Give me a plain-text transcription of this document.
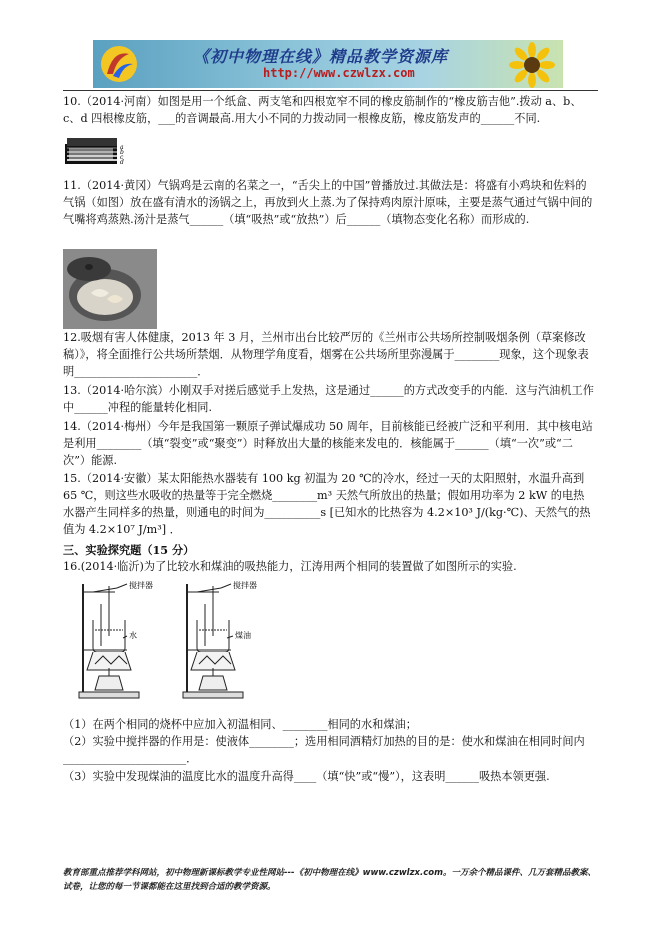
《初中物理在线》精品教学资源库
http://www.czwlzx.com

10.（2014·河南）如图是用一个纸盒、两支笔和四根宽窄不同的橡皮筋制作的“橡皮筋吉他”.拨动 a、b、c、d 四根橡皮筋，___的音调最高.用大小不同的力拨动同一根橡皮筋，橡皮筋发声的______不同.

a
b
c
d

11.（2014·黄冈）气锅鸡是云南的名菜之一，“舌尖上的中国”曾播放过.其做法是：将盛有小鸡块和佐料的气锅（如图）放在盛有清水的汤锅之上，再放到火上蒸.为了保持鸡肉原汁原味，主要是蒸气通过气锅中间的气嘴将鸡蒸熟.汤汁是蒸气______（填“吸热”或“放热”）后______（填物态变化名称）而形成的.

12.吸烟有害人体健康，2013 年 3 月，兰州市出台比较严厉的《兰州市公共场所控制吸烟条例（草案修改稿）》，将全面推行公共场所禁烟．从物理学角度看，烟雾在公共场所里弥漫属于________现象，这个现象表明______________________．

13.（2014·哈尔滨）小刚双手对搓后感觉手上发热，这是通过______的方式改变手的内能．这与汽油机工作中______冲程的能量转化相同.

14.（2014·梅州）今年是我国第一颗原子弹试爆成功 50 周年，目前核能已经被广泛和平利用．其中核电站是利用________（填“裂变”或“聚变”）时释放出大量的核能来发电的．核能属于______（填“一次”或“二次”）能源.

15.（2014·安徽）某太阳能热水器装有 100 kg 初温为 20 ℃的冷水，经过一天的太阳照射，水温升高到 65 ℃，则这些水吸收的热量等于完全燃烧________m³ 天然气所放出的热量；假如用功率为 2 kW 的电热水器产生同样多的热量，则通电的时间为__________s [已知水的比热容为 4.2×10³ J/(kg·℃)、天然气的热值为 4.2×10⁷ J/m³] ．

三、实验探究题（15 分）

16.(2014·临沂)为了比较水和煤油的吸热能力，江涛用两个相同的装置做了如图所示的实验.

搅拌器
水
搅拌器
煤油

（1）在两个相同的烧杯中应加入初温相同、________相同的水和煤油；

（2）实验中搅拌器的作用是：使液体________；选用相同酒精灯加热的目的是：使水和煤油在相同时间内______________________．

（3）实验中发现煤油的温度比水的温度升高得____（填“快”或“慢”），这表明______吸热本领更强.

教育部重点推荐学科网站，初中物理新课标教学专业性网站---《初中物理在线》www.czwlzx.com。一万余个精品课件、几万套精品教案、试卷，让您的每一节课都能在这里找到合适的教学资源。
